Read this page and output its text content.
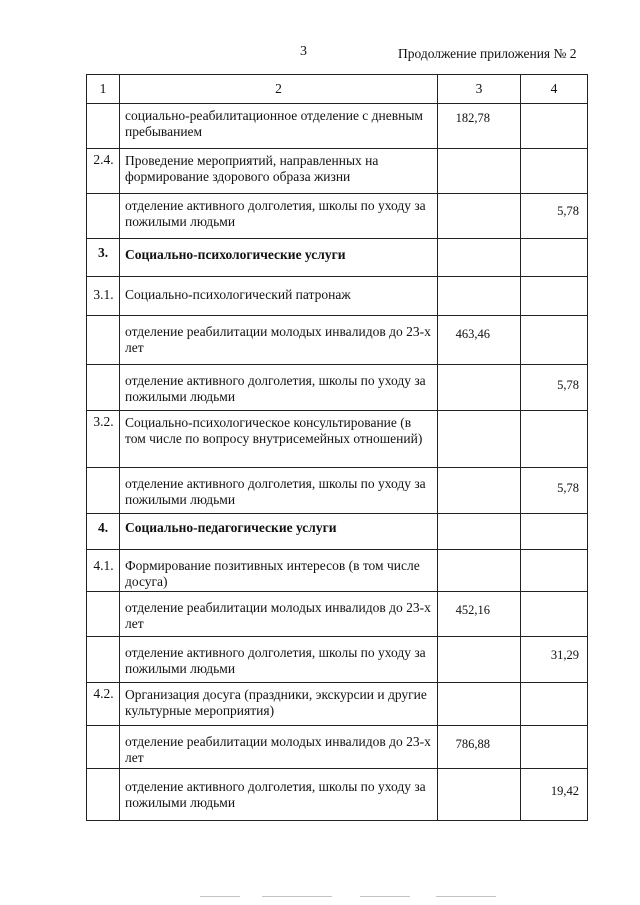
3	Продолжение приложения № 2
1	2	3	4

	социально-реабилитационное отделение с дневным пребыванием	182,78	

2.4.	Проведение мероприятий, направленных на формирование здорового образа жизни		

	отделение активного долголетия, школы по уходу за пожилыми людьми		5,78

3.	Социально-психологические услуги		

3.1.	Социально-психологический патронаж		

	отделение реабилитации молодых инвалидов до 23-х лет	463,46	

	отделение активного долголетия, школы по уходу за пожилыми людьми		5,78

3.2.	Социально-психологическое консультирование (в том числе по вопросу внутрисемейных отношений)		

	отделение активного долголетия, школы по уходу за пожилыми людьми		5,78

4.	Социально-педагогические услуги		

4.1.	Формирование позитивных интересов (в том числе досуга)		

	отделение реабилитации молодых инвалидов до 23-х лет	452,16	

	отделение активного долголетия, школы по уходу за пожилыми людьми		31,29

4.2.	Организация досуга (праздники, экскурсии и другие культурные мероприятия)		

	отделение реабилитации молодых инвалидов до 23-х лет	786,88	

	отделение активного долголетия, школы по уходу за пожилыми людьми		19,42
